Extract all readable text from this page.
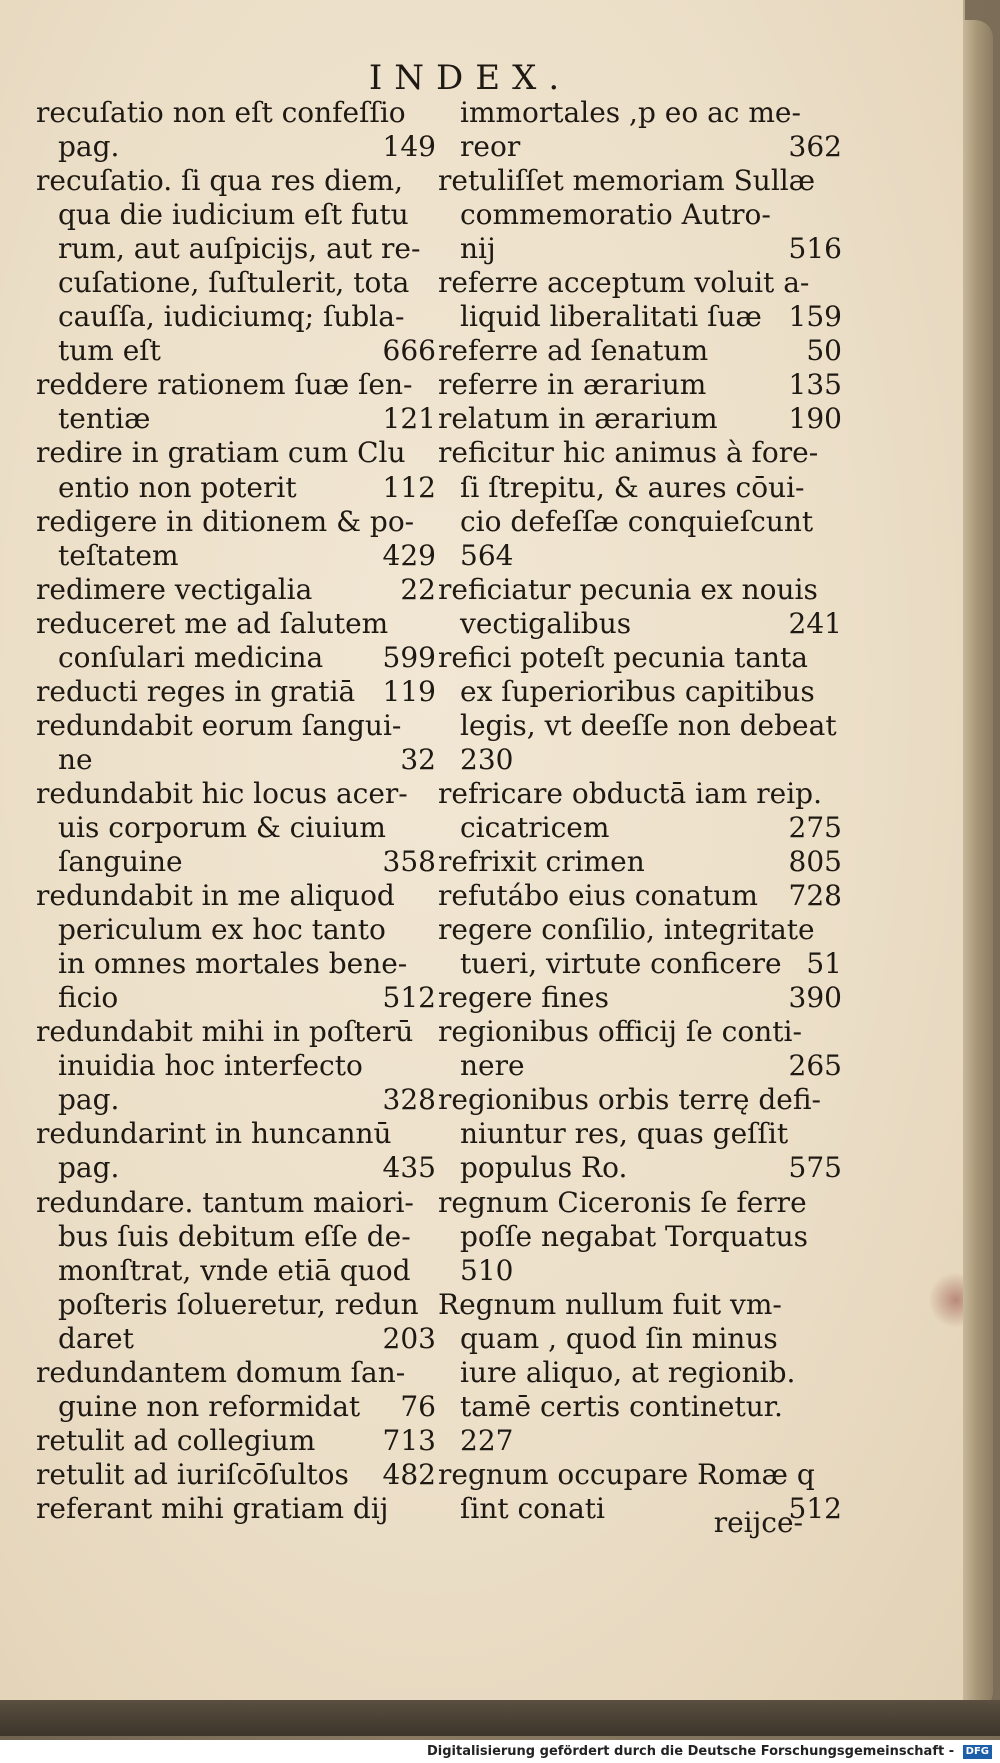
INDEX.
recuſatio non eſt confeſſio
pag.	149
recuſatio. ſi qua res diem,
qua die iudicium eſt futu
rum, aut auſpicijs, aut re-
cuſatione, ſuſtulerit, tota
cauſſa, iudiciumq; ſubla-
tum eſt	666
reddere rationem ſuæ ſen-
tentiæ	121
redire in gratiam cum Clu
entio non poterit	112
redigere in ditionem & po-
teſtatem	429
redimere vectigalia	22
reduceret me ad ſalutem
conſulari medicina 599
reducti reges in gratiā 119
redundabit eorum ſangui-
ne	32
redundabit hic locus acer-
uis corporum & ciuium
ſanguine	358
redundabit in me aliquod
periculum ex hoc tanto
in omnes mortales bene-
ficio	512
redundabit mihi in poſterū
inuidia hoc interfecto
pag.	328
redundarint in huncannū
pag.	435
redundare. tantum maiori-
bus ſuis debitum eſſe de-
monſtrat, vnde etiā quod
poſteris ſolueretur, redun
daret	203
redundantem domum ſan-
guine non reformidat 76
retulit ad collegium 713
retulit ad iuriſcōſultos 482
referant mihi gratiam dij
immortales ,p eo ac me-
reor	362
retuliſſet memoriam Sullæ
commemoratio Autro-
nij	516
referre acceptum voluit a-
liquid liberalitati ſuæ 159
referre ad ſenatum	50
referre in ærarium	135
relatum in ærarium	190
reficitur hic animus à fore-
ſi ſtrepitu, & aures cōui-
cio defeſſæ conquieſcunt
564
reficiatur pecunia ex nouis
vectigalibus	241
refici poteſt pecunia tanta
ex ſuperioribus capitibus
legis, vt deeſſe non debeat
230
refricare obductā iam reip.
cicatricem	275
refrixit crimen	805
refutábo eius conatum 728
regere conſilio, integritate
tueri, virtute conficere 51
regere fines	390
regionibus officij ſe conti-
nere	265
regionibus orbis terrę defi-
niuntur res, quas geſſit
populus Ro.	575
regnum Ciceronis ſe ferre
poſſe negabat Torquatus
510
Regnum nullum fuit vm-
quam , quod ſin minus
iure aliquo, at regionib.
tamē certis continetur.
227
regnum occupare Romæ q
ſint conati	512
reijce-
Digitalisierung gefördert durch die Deutsche Forschungsgemeinschaft - DFG
